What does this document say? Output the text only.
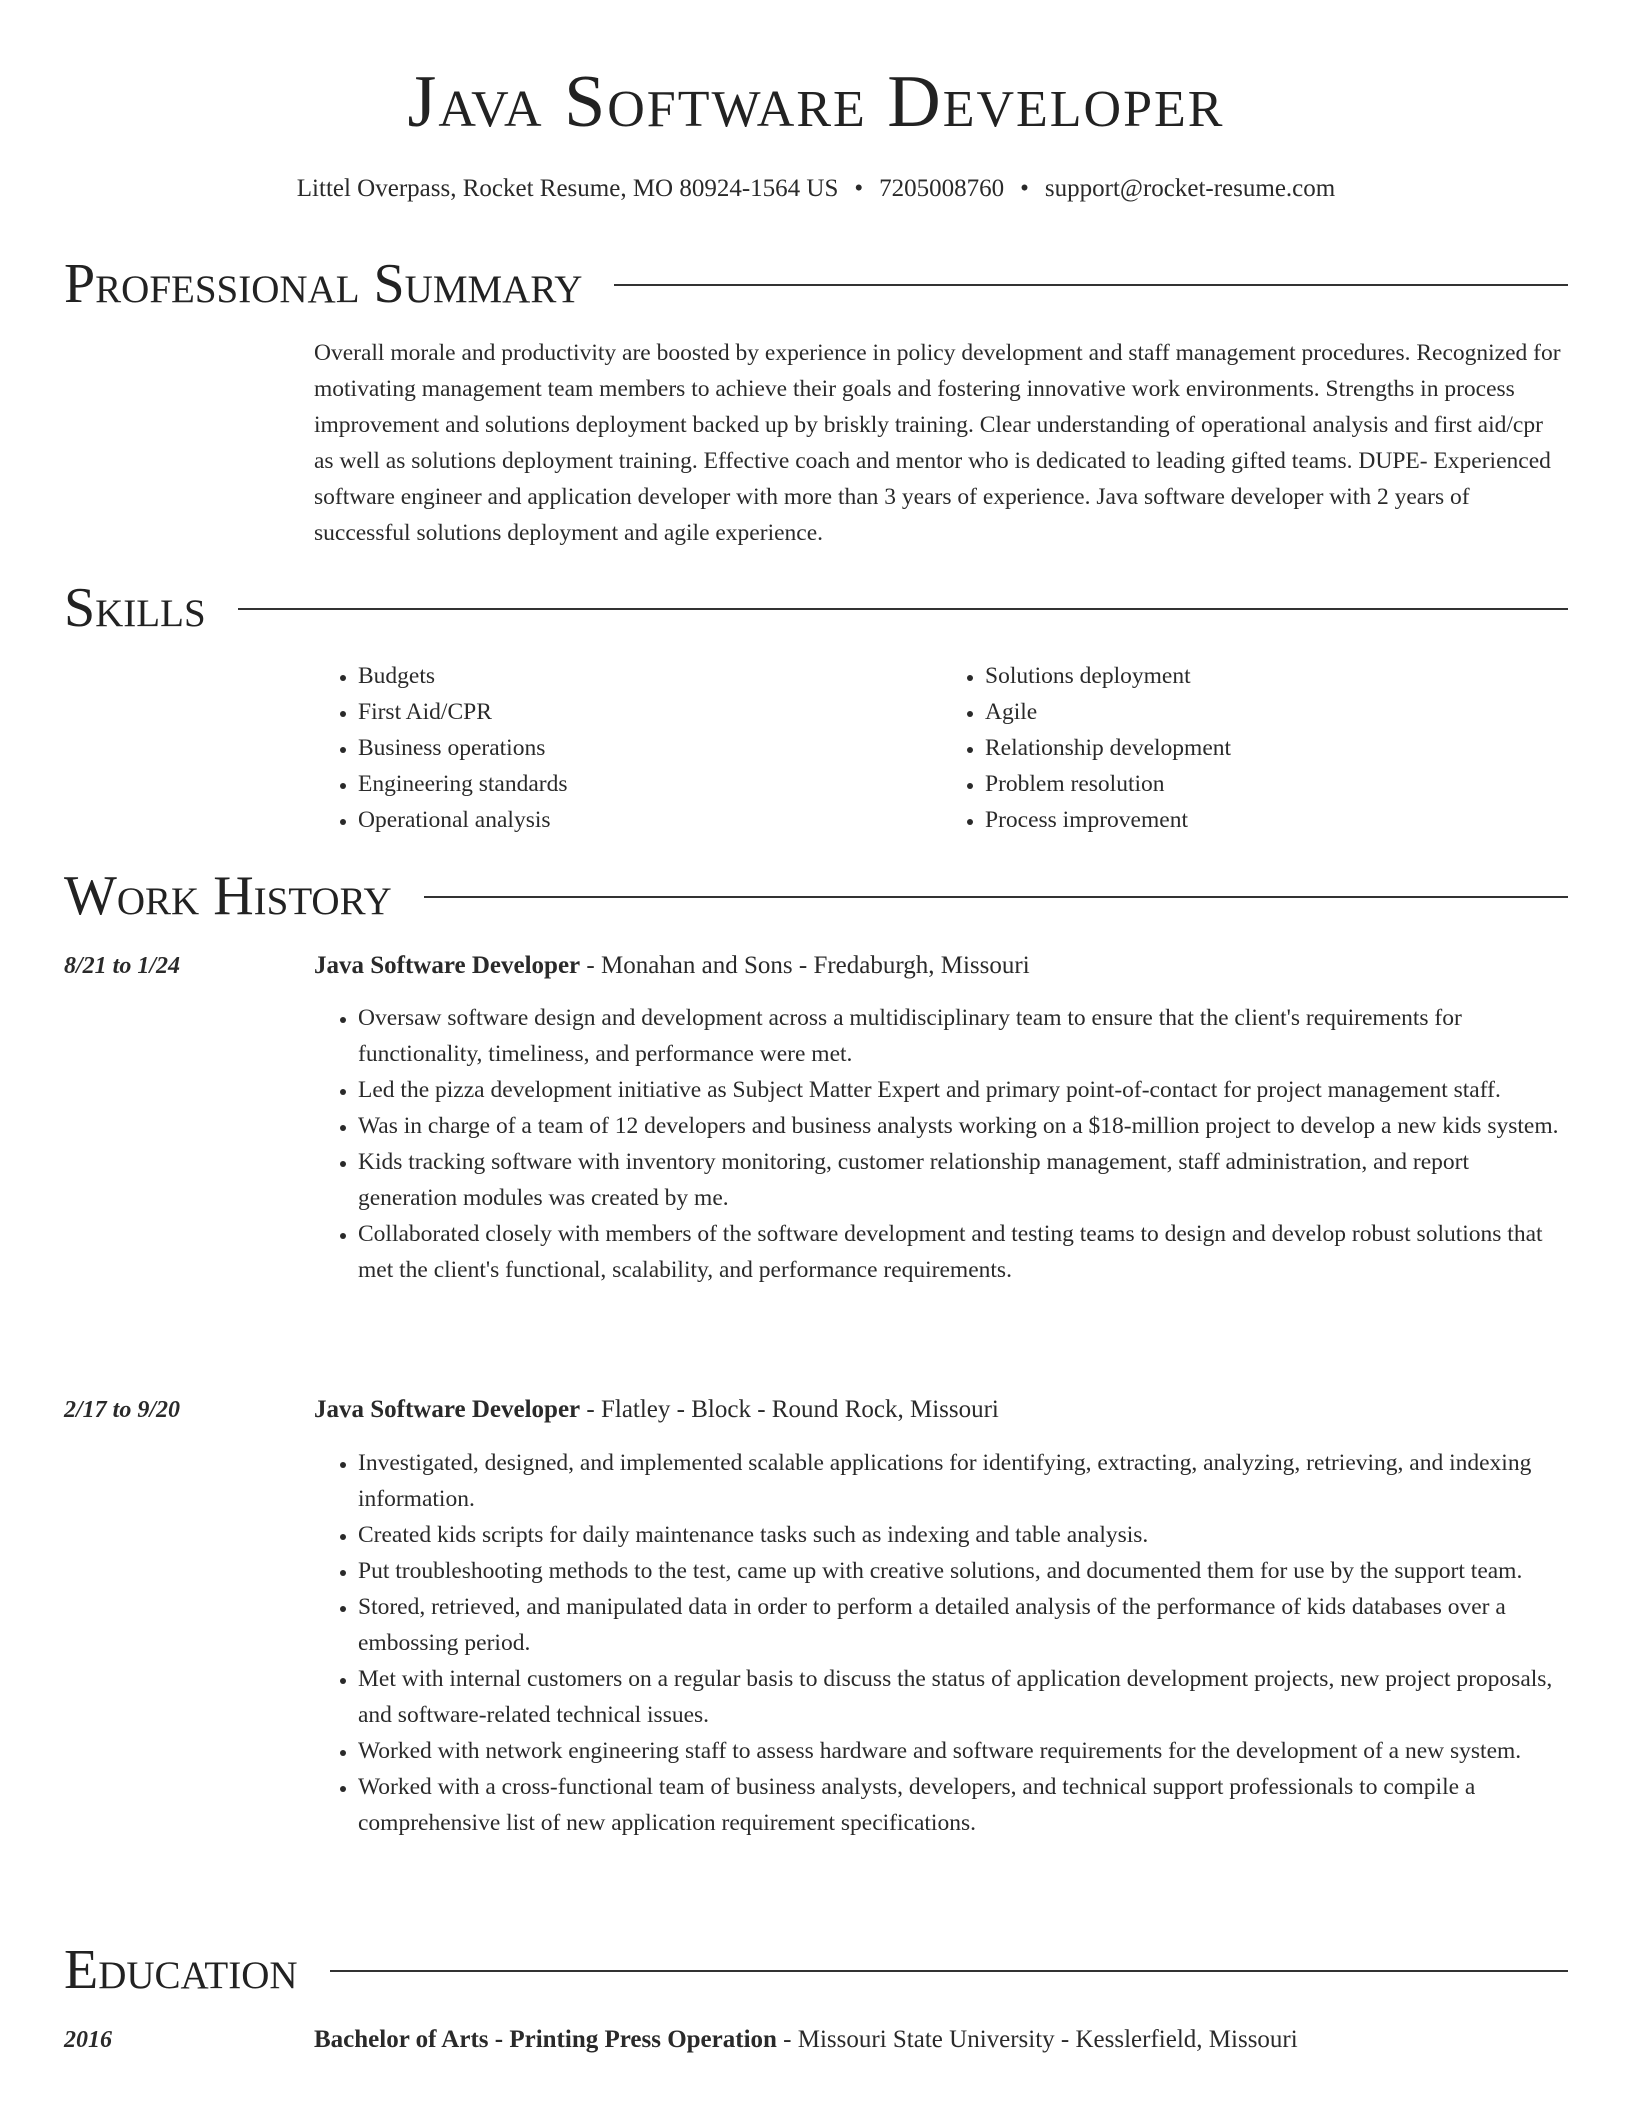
Java Software Developer
Littel Overpass, Rocket Resume, MO 80924-1564 US • 7205008760 • support@rocket-resume.com
Professional Summary
Overall morale and productivity are boosted by experience in policy development and staff management procedures. Recognized for motivating management team members to achieve their goals and fostering innovative work environments. Strengths in process improvement and solutions deployment backed up by briskly training. Clear understanding of operational analysis and first aid/cpr as well as solutions deployment training. Effective coach and mentor who is dedicated to leading gifted teams. DUPE- Experienced software engineer and application developer with more than 3 years of experience. Java software developer with 2 years of successful solutions deployment and agile experience.
Skills
• Budgets
• First Aid/CPR
• Business operations
• Engineering standards
• Operational analysis
• Solutions deployment
• Agile
• Relationship development
• Problem resolution
• Process improvement
Work History
8/21 to 1/24	Java Software Developer - Monahan and Sons - Fredaburgh, Missouri
• Oversaw software design and development across a multidisciplinary team to ensure that the client's requirements for functionality, timeliness, and performance were met.
• Led the pizza development initiative as Subject Matter Expert and primary point-of-contact for project management staff.
• Was in charge of a team of 12 developers and business analysts working on a $18-million project to develop a new kids system.
• Kids tracking software with inventory monitoring, customer relationship management, staff administration, and report generation modules was created by me.
• Collaborated closely with members of the software development and testing teams to design and develop robust solutions that met the client's functional, scalability, and performance requirements.
2/17 to 9/20	Java Software Developer - Flatley - Block - Round Rock, Missouri
• Investigated, designed, and implemented scalable applications for identifying, extracting, analyzing, retrieving, and indexing information.
• Created kids scripts for daily maintenance tasks such as indexing and table analysis.
• Put troubleshooting methods to the test, came up with creative solutions, and documented them for use by the support team.
• Stored, retrieved, and manipulated data in order to perform a detailed analysis of the performance of kids databases over a embossing period.
• Met with internal customers on a regular basis to discuss the status of application development projects, new project proposals, and software-related technical issues.
• Worked with network engineering staff to assess hardware and software requirements for the development of a new system.
• Worked with a cross-functional team of business analysts, developers, and technical support professionals to compile a comprehensive list of new application requirement specifications.
Education
2016	Bachelor of Arts - Printing Press Operation - Missouri State University - Kesslerfield, Missouri
